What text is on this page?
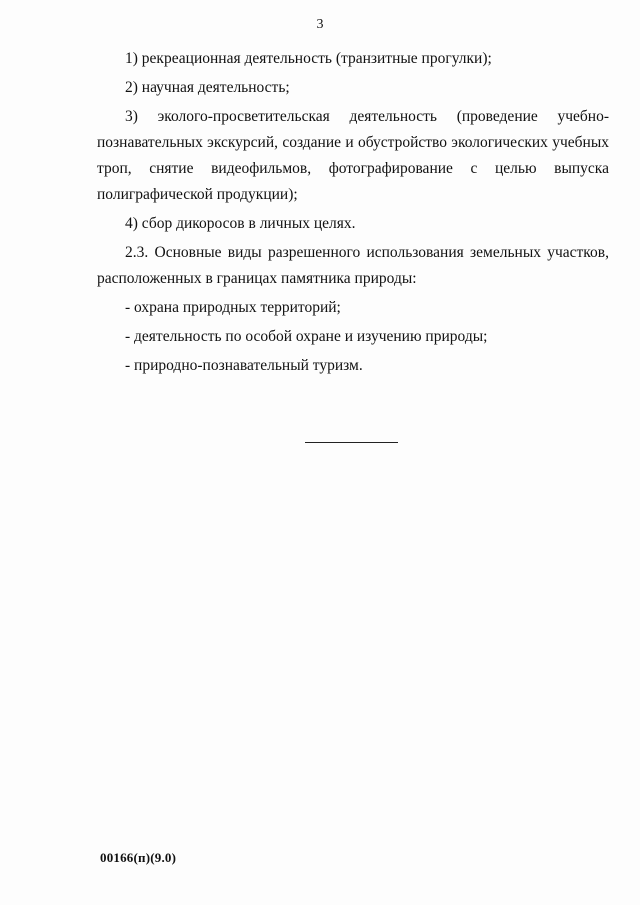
3

1) рекреационная деятельность (транзитные прогулки);

2) научная деятельность;

3) эколого-просветительская деятельность (проведение учебно-познавательных экскурсий, создание и обустройство экологических учебных троп, снятие видеофильмов, фотографирование с целью выпуска полиграфической продукции);

4) сбор дикоросов в личных целях.

2.3. Основные виды разрешенного использования земельных участков, расположенных в границах памятника природы:

- охрана природных территорий;

- деятельность по особой охране и изучению природы;

- природно-познавательный туризм.

00166(п)(9.0)
